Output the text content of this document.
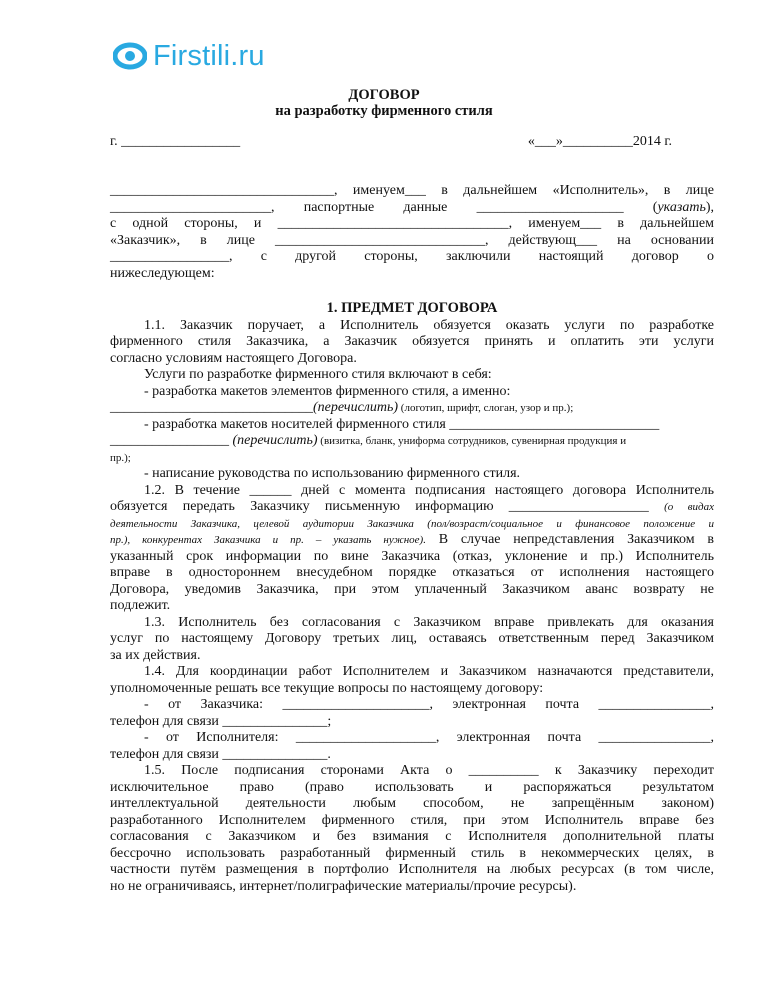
Firstili.ru
ДОГОВОР
на разработку фирменного стиля
г. _________________	«___»__________2014 г.
________________________________, именуем___ в дальнейшем «Исполнитель», в лице
_______________________, паспортные данные _____________________ (указать),
с одной стороны, и _________________________________, именуем___ в дальнейшем
«Заказчик», в лице ______________________________, действующ___ на основании
_________________, с другой стороны, заключили настоящий договор о
нижеследующем:
1. ПРЕДМЕТ ДОГОВОРА
1.1. Заказчик поручает, а Исполнитель обязуется оказать услуги по разработке
фирменного стиля Заказчика, а Заказчик обязуется принять и оплатить эти услуги
согласно условиям настоящего Договора.
Услуги по разработке фирменного стиля включают в себя:
- разработка макетов элементов фирменного стиля, а именно:
_____________________________(перечислить) (логотип, шрифт, слоган, узор и пр.);
- разработка макетов носителей фирменного стиля ______________________________
_________________ (перечислить) (визитка, бланк, униформа сотрудников, сувенирная продукция и
пр.);
- написание руководства по использованию фирменного стиля.
1.2. В течение ______ дней с момента подписания настоящего договора Исполнитель
обязуется передать Заказчику письменную информацию ____________________ (о видах
деятельности Заказчика, целевой аудитории Заказчика (пол/возраст/социальное и финансовое положение и
пр.), конкурентах Заказчика и пр. – указать нужное). В случае непредставления Заказчиком в
указанный срок информации по вине Заказчика (отказ, уклонение и пр.) Исполнитель
вправе в одностороннем внесудебном порядке отказаться от исполнения настоящего
Договора, уведомив Заказчика, при этом уплаченный Заказчиком аванс возврату не
подлежит.
1.3. Исполнитель без согласования с Заказчиком вправе привлекать для оказания
услуг по настоящему Договору третьих лиц, оставаясь ответственным перед Заказчиком
за их действия.
1.4. Для координации работ Исполнителем и Заказчиком назначаются представители,
уполномоченные решать все текущие вопросы по настоящему договору:
- от Заказчика: _____________________, электронная почта ________________,
телефон для связи _______________;
- от Исполнителя: ____________________, электронная почта ________________,
телефон для связи _______________.
1.5. После подписания сторонами Акта о __________ к Заказчику переходит
исключительное право (право использовать и распоряжаться результатом
интеллектуальной деятельности любым способом, не запрещённым законом)
разработанного Исполнителем фирменного стиля, при этом Исполнитель вправе без
согласования с Заказчиком и без взимания с Исполнителя дополнительной платы
бессрочно использовать разработанный фирменный стиль в некоммерческих целях, в
частности путём размещения в портфолио Исполнителя на любых ресурсах (в том числе,
но не ограничиваясь, интернет/полиграфические материалы/прочие ресурсы).
